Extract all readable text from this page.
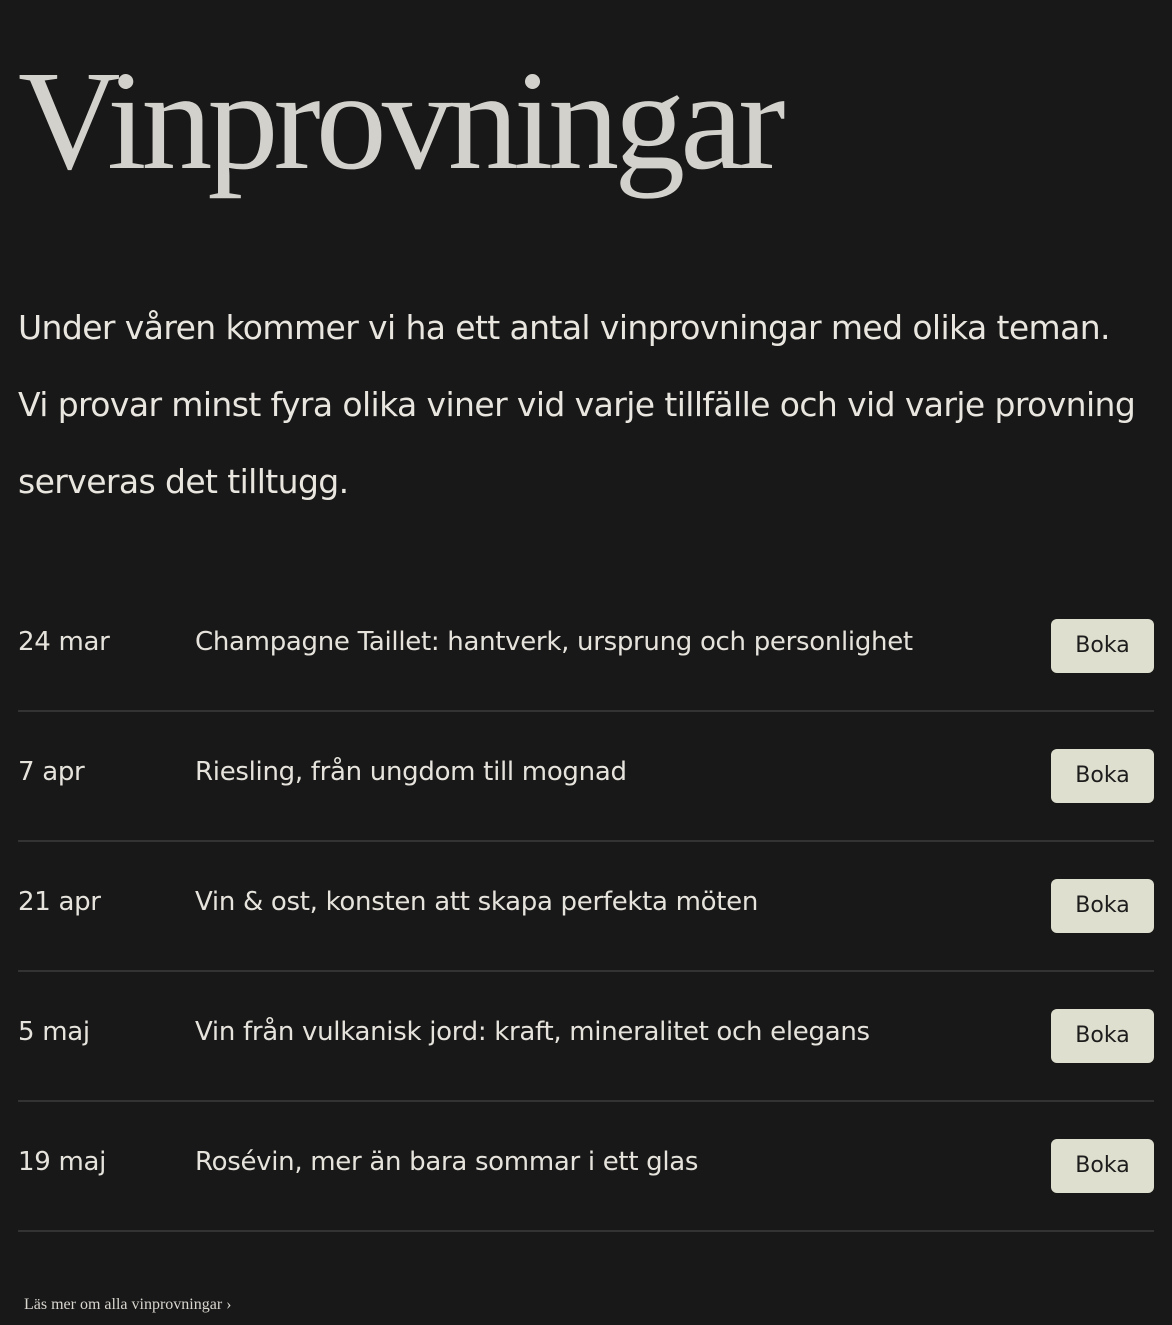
Vinprovningar

Under våren kommer vi ha ett antal vinprovningar med olika teman. Vi provar minst fyra olika viner vid varje tillfälle och vid varje provning serveras det tilltugg.

24 mar	Champagne Taillet: hantverk, ursprung och personlighet	Boka
7 apr	Riesling, från ungdom till mognad	Boka
21 apr	Vin & ost, konsten att skapa perfekta möten	Boka
5 maj	Vin från vulkanisk jord: kraft, mineralitet och elegans	Boka
19 maj	Rosévin, mer än bara sommar i ett glas	Boka
Läs mer om alla vinprovningar ›
